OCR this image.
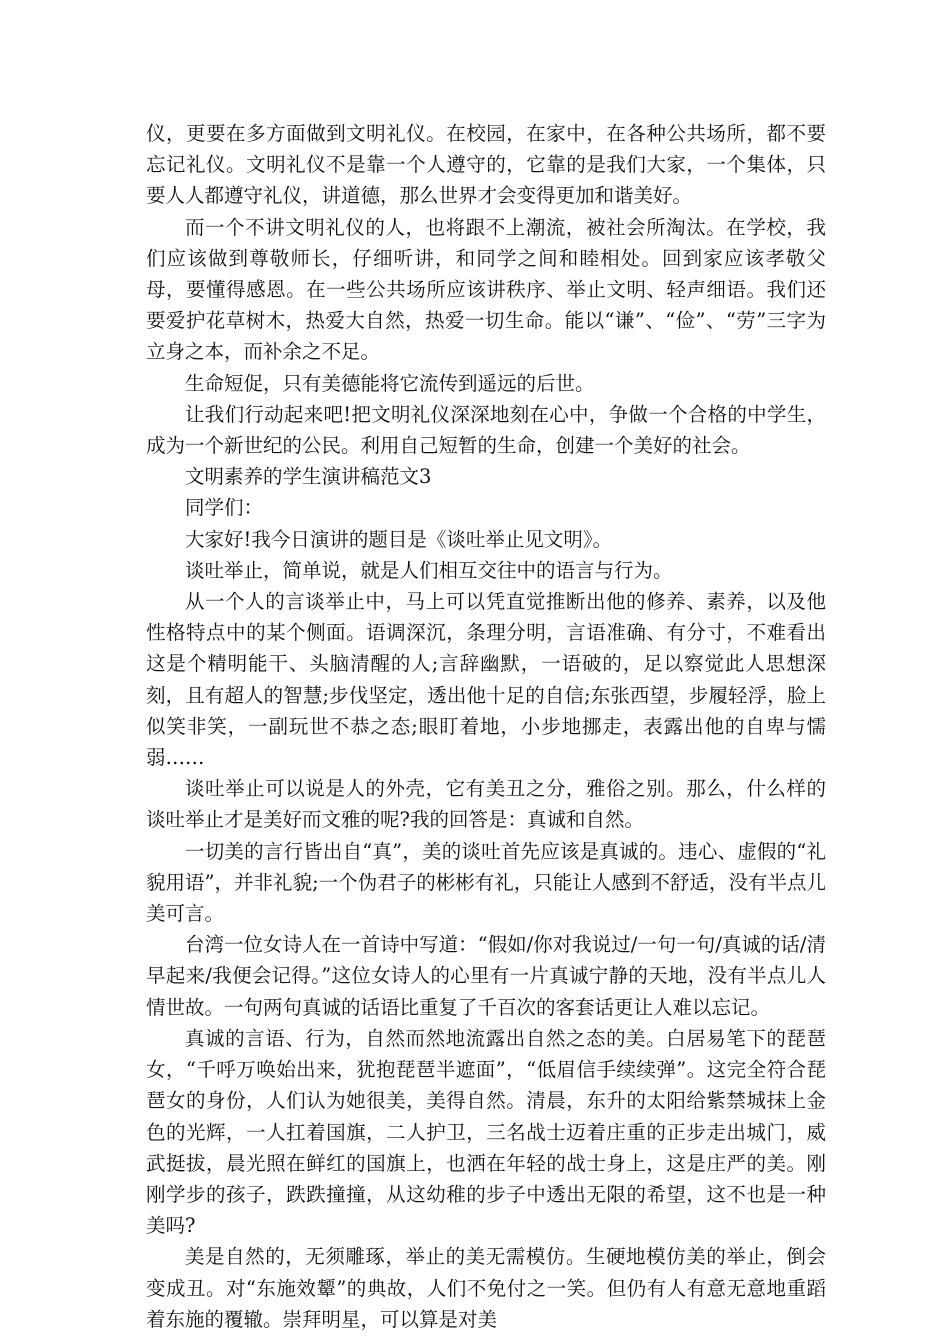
仪，更要在多方面做到文明礼仪。在校园，在家中，在各种公共场所，都不要忘记礼仪。文明礼仪不是靠一个人遵守的，它靠的是我们大家，一个集体，只要人人都遵守礼仪，讲道德，那么世界才会变得更加和谐美好。

而一个不讲文明礼仪的人，也将跟不上潮流，被社会所淘汰。在学校，我们应该做到尊敬师长，仔细听讲，和同学之间和睦相处。回到家应该孝敬父母，要懂得感恩。在一些公共场所应该讲秩序、举止文明、轻声细语。我们还要爱护花草树木，热爱大自然，热爱一切生命。能以“谦”、“俭”、“劳”三字为立身之本，而补余之不足。

生命短促，只有美德能将它流传到遥远的后世。

让我们行动起来吧!把文明礼仪深深地刻在心中，争做一个合格的中学生，成为一个新世纪的公民。利用自己短暂的生命，创建一个美好的社会。

文明素养的学生演讲稿范文3

同学们：

大家好!我今日演讲的题目是《谈吐举止见文明》。

谈吐举止，简单说，就是人们相互交往中的语言与行为。

从一个人的言谈举止中，马上可以凭直觉推断出他的修养、素养，以及他性格特点中的某个侧面。语调深沉，条理分明，言语准确、有分寸，不难看出这是个精明能干、头脑清醒的人;言辞幽默，一语破的，足以察觉此人思想深刻，且有超人的智慧;步伐坚定，透出他十足的自信;东张西望，步履轻浮，脸上似笑非笑，一副玩世不恭之态;眼盯着地，小步地挪走，表露出他的自卑与懦弱……

谈吐举止可以说是人的外壳，它有美丑之分，雅俗之别。那么，什么样的谈吐举止才是美好而文雅的呢?我的回答是：真诚和自然。

一切美的言行皆出自“真”，美的谈吐首先应该是真诚的。违心、虚假的“礼貌用语”，并非礼貌;一个伪君子的彬彬有礼，只能让人感到不舒适，没有半点儿美可言。

台湾一位女诗人在一首诗中写道：“假如/你对我说过/一句一句/真诚的话/清早起来/我便会记得。”这位女诗人的心里有一片真诚宁静的天地，没有半点儿人情世故。一句两句真诚的话语比重复了千百次的客套话更让人难以忘记。

真诚的言语、行为，自然而然地流露出自然之态的美。白居易笔下的琵琶女，“千呼万唤始出来，犹抱琵琶半遮面”，“低眉信手续续弹”。这完全符合琵琶女的身份，人们认为她很美，美得自然。清晨，东升的太阳给紫禁城抹上金色的光辉，一人扛着国旗，二人护卫，三名战士迈着庄重的正步走出城门，威武挺拔，晨光照在鲜红的国旗上，也洒在年轻的战士身上，这是庄严的美。刚刚学步的孩子，跌跌撞撞，从这幼稚的步子中透出无限的希望，这不也是一种美吗?

美是自然的，无须雕琢，举止的美无需模仿。生硬地模仿美的举止，倒会变成丑。对“东施效颦”的典故，人们不免付之一笑。但仍有人有意无意地重蹈着东施的覆辙。崇拜明星，可以算是对美
